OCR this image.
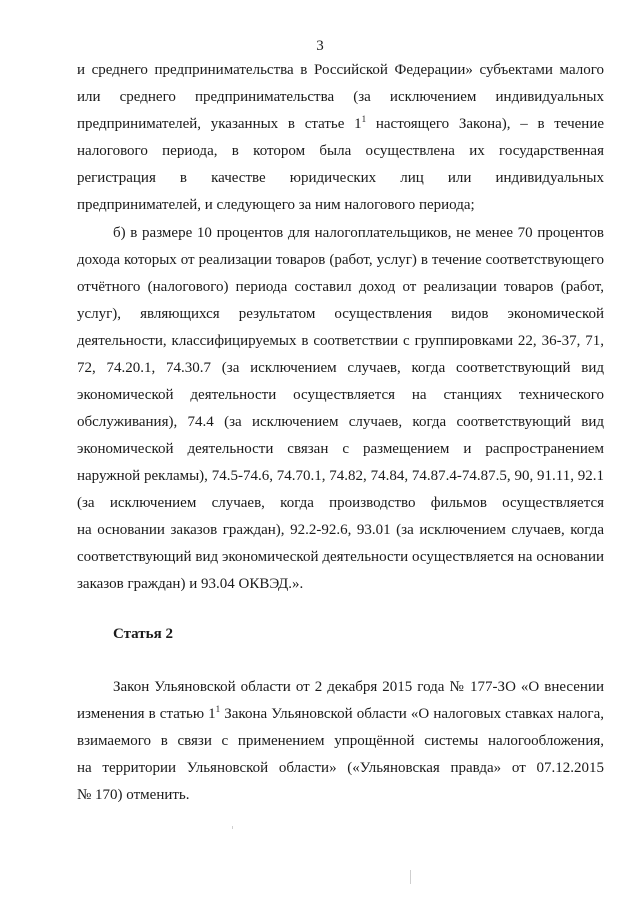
3
и среднего предпринимательства в Российской Федерации» субъектами малого
или среднего предпринимательства (за исключением индивидуальных
предпринимателей, указанных в статье $1^1$ настоящего Закона), – в течение
налогового периода, в котором была осуществлена их государственная
регистрация в качестве юридических лиц или индивидуальных
предпринимателей, и следующего за ним налогового периода;
б) в размере 10 процентов для налогоплательщиков, не менее 70 процентов
дохода которых от реализации товаров (работ, услуг) в течение соответствующего
отчётного (налогового) периода составил доход от реализации товаров (работ,
услуг), являющихся результатом осуществления видов экономической
деятельности, классифицируемых в соответствии с группировками 22, 36-37, 71,
72, 74.20.1, 74.30.7 (за исключением случаев, когда соответствующий вид
экономической деятельности осуществляется на станциях технического
обслуживания), 74.4 (за исключением случаев, когда соответствующий вид
экономической деятельности связан с размещением и распространением
наружной рекламы), 74.5-74.6, 74.70.1, 74.82, 74.84, 74.87.4-74.87.5, 90, 91.11, 92.1
(за исключением случаев, когда производство фильмов осуществляется
на основании заказов граждан), 92.2-92.6, 93.01 (за исключением случаев, когда
соответствующий вид экономической деятельности осуществляется на основании
заказов граждан) и 93.04 ОКВЭД.».
Статья 2
Закон Ульяновской области от 2 декабря 2015 года № 177-ЗО «О внесении
изменения в статью $1^1$ Закона Ульяновской области «О налоговых ставках налога,
взимаемого в связи с применением упрощённой системы налогообложения,
на территории Ульяновской области» («Ульяновская правда» от 07.12.2015
№ 170) отменить.
